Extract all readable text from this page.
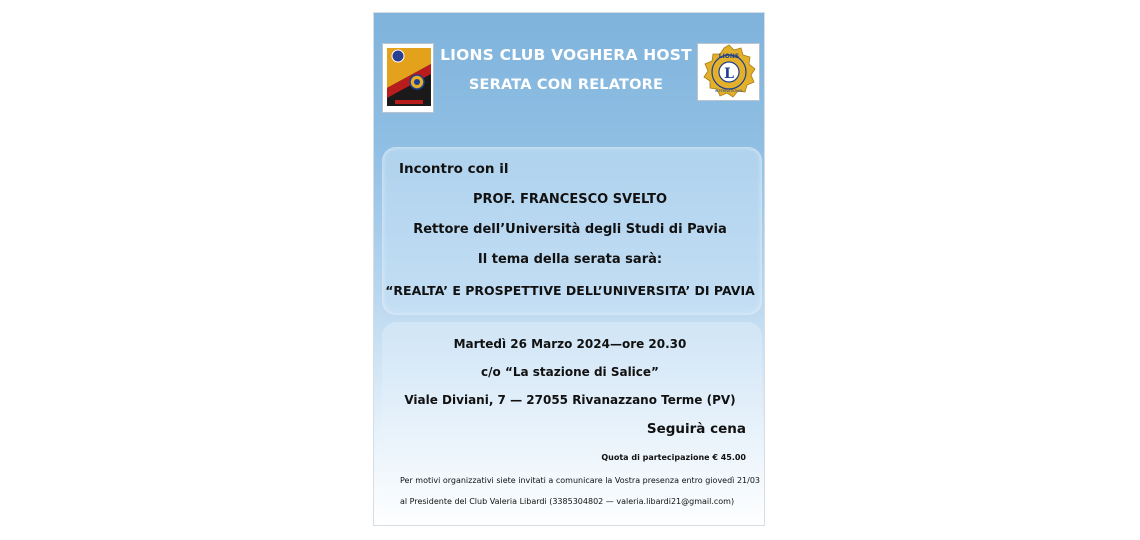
LIONS CLUB VOGHERA HOST
SERATA CON RELATORE
L
LIONS
INTERNATIONAL
Incontro con il
PROF. FRANCESCO SVELTO
Rettore dell’Università degli Studi di Pavia
Il tema della serata sarà:
“REALTA’ E PROSPETTIVE DELL’UNIVERSITA’ DI PAVIA
Martedì 26 Marzo 2024—ore 20.30
c/o “La stazione di Salice”
Viale Diviani, 7 — 27055 Rivanazzano Terme (PV)
Seguirà cena
Quota di partecipazione € 45.00
Per motivi organizzativi siete invitati a comunicare la Vostra presenza entro giovedì 21/03
al Presidente del Club Valeria Libardi (3385304802 — valeria.libardi21@gmail.com)
